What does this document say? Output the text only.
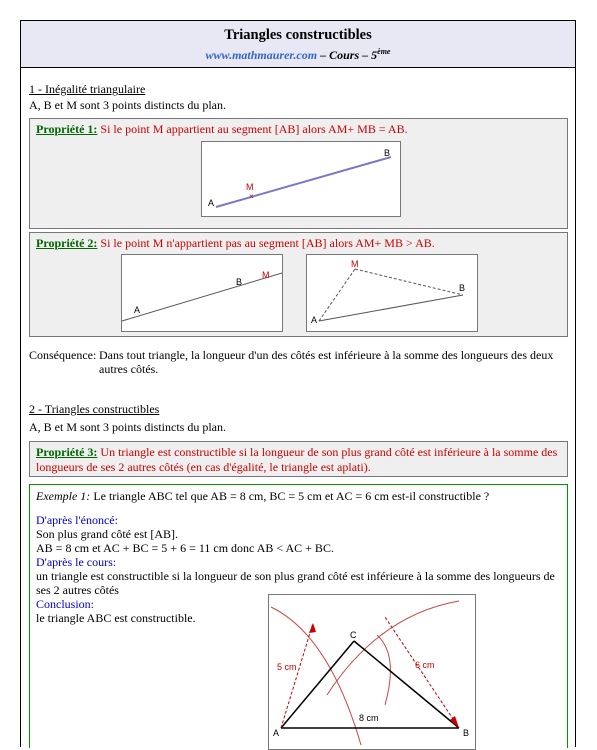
Triangles constructibles
www.mathmaurer.com – Cours – 5ème
1 - Inégalité triangulaire
A, B et M sont 3 points distincts du plan.
Propriété 1: Si le point M appartient au segment [AB] alors AM+ MB = AB.
A
B
M
×
Propriété 2: Si le point M n'appartient pas au segment [AB] alors AM+ MB > AB.
A
B
M
A
B
M
Conséquence: Dans tout triangle, la longueur d'un des côtés est inférieure à la somme des longueurs des deux
autres côtés.
2 - Triangles constructibles
A, B et M sont 3 points distincts du plan.
Propriété 3: Un triangle est constructible si la longueur de son plus grand côté est inférieure à la somme des
longueurs de ses 2 autres côtés (en cas d'égalité, le triangle est aplati).
Exemple 1: Le triangle ABC tel que AB = 8 cm, BC = 5 cm et AC = 6 cm est-il constructible ?
D'après l'énoncé:
Son plus grand côté est [AB].
AB = 8 cm et AC + BC = 5 + 6 = 11 cm donc AB < AC + BC.
D'après le cours:
un triangle est constructible si la longueur de son plus grand côté est inférieure à la somme des longueurs de
ses 2 autres côtés
Conclusion:
le triangle ABC est constructible.
A	B
C
5 cm	6 cm
8 cm
